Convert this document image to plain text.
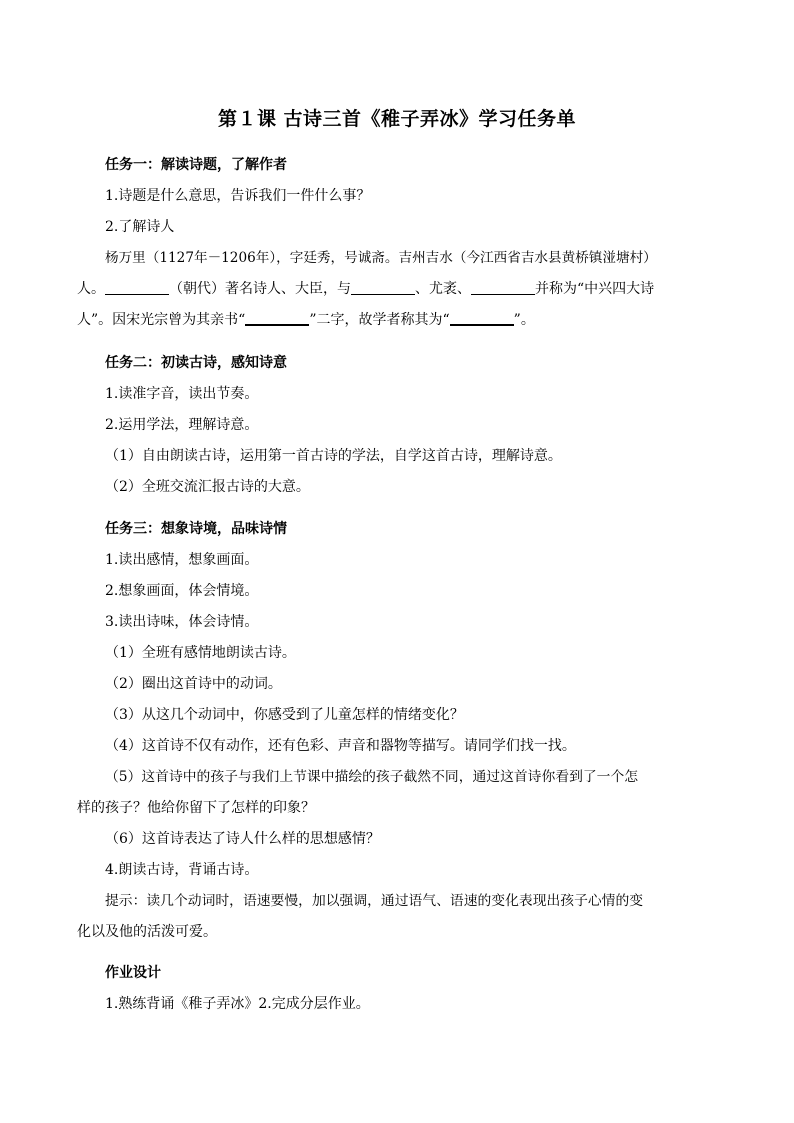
第１课 古诗三首《稚子弄冰》学习任务单
任务一：解读诗题，了解作者
1.诗题是什么意思，告诉我们一件什么事？
2.了解诗人
杨万里（1127年－1206年），字廷秀，号诚斋。吉州吉水（今江西省吉水县黄桥镇湴塘村）
人。	（朝代）著名诗人、大臣，与	、尤袤、	并称为“中兴四大诗
人”。因宋光宗曾为其亲书“	”二字，故学者称其为“	”。
任务二：初读古诗，感知诗意
1.读准字音，读出节奏。
2.运用学法，理解诗意。
（1）自由朗读古诗，运用第一首古诗的学法，自学这首古诗，理解诗意。
（2）全班交流汇报古诗的大意。
任务三：想象诗境，品味诗情
1.读出感情，想象画面。
2.想象画面，体会情境。
3.读出诗味，体会诗情。
（1）全班有感情地朗读古诗。
（2）圈出这首诗中的动词。
（3）从这几个动词中，你感受到了儿童怎样的情绪变化？
（4）这首诗不仅有动作，还有色彩、声音和器物等描写。请同学们找一找。
（5）这首诗中的孩子与我们上节课中描绘的孩子截然不同，通过这首诗你看到了一个怎
样的孩子？他给你留下了怎样的印象？
（6）这首诗表达了诗人什么样的思想感情？
4.朗读古诗，背诵古诗。
提示：读几个动词时，语速要慢，加以强调，通过语气、语速的变化表现出孩子心情的变
化以及他的活泼可爱。
作业设计
1.熟练背诵《稚子弄冰》2.完成分层作业。
